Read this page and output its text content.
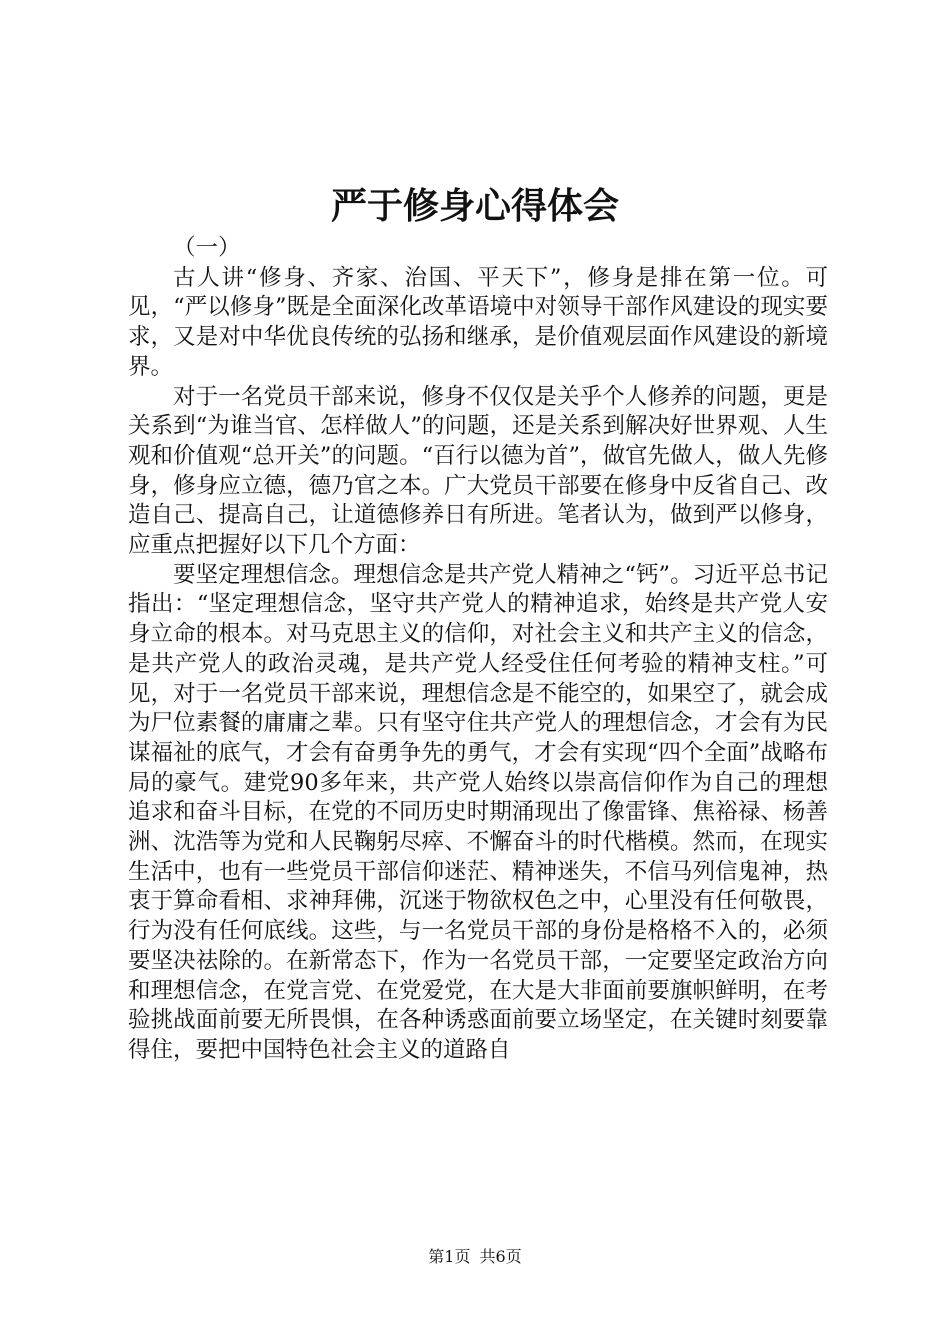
严于修身心得体会

（一）

古人讲“修身、齐家、治国、平天下”，修身是排在第一位。可见，“严以修身”既是全面深化改革语境中对领导干部作风建设的现实要求，又是对中华优良传统的弘扬和继承，是价值观层面作风建设的新境界。

对于一名党员干部来说，修身不仅仅是关乎个人修养的问题，更是关系到“为谁当官、怎样做人”的问题，还是关系到解决好世界观、人生观和价值观“总开关”的问题。“百行以德为首”，做官先做人，做人先修身，修身应立德，德乃官之本。广大党员干部要在修身中反省自己、改造自己、提高自己，让道德修养日有所进。笔者认为，做到严以修身，应重点把握好以下几个方面：

要坚定理想信念。理想信念是共产党人精神之“钙”。习近平总书记指出：“坚定理想信念，坚守共产党人的精神追求，始终是共产党人安身立命的根本。对马克思主义的信仰，对社会主义和共产主义的信念，是共产党人的政治灵魂，是共产党人经受住任何考验的精神支柱。”可见，对于一名党员干部来说，理想信念是不能空的，如果空了，就会成为尸位素餐的庸庸之辈。只有坚守住共产党人的理想信念，才会有为民谋福祉的底气，才会有奋勇争先的勇气，才会有实现“四个全面”战略布局的豪气。建党90多年来，共产党人始终以崇高信仰作为自己的理想追求和奋斗目标，在党的不同历史时期涌现出了像雷锋、焦裕禄、杨善洲、沈浩等为党和人民鞠躬尽瘁、不懈奋斗的时代楷模。然而，在现实生活中，也有一些党员干部信仰迷茫、精神迷失，不信马列信鬼神，热衷于算命看相、求神拜佛，沉迷于物欲权色之中，心里没有任何敬畏，行为没有任何底线。这些，与一名党员干部的身份是格格不入的，必须要坚决祛除的。在新常态下，作为一名党员干部，一定要坚定政治方向和理想信念，在党言党、在党爱党，在大是大非面前要旗帜鲜明，在考验挑战面前要无所畏惧，在各种诱惑面前要立场坚定，在关键时刻要靠得住，要把中国特色社会主义的道路自

第1页 共6页
